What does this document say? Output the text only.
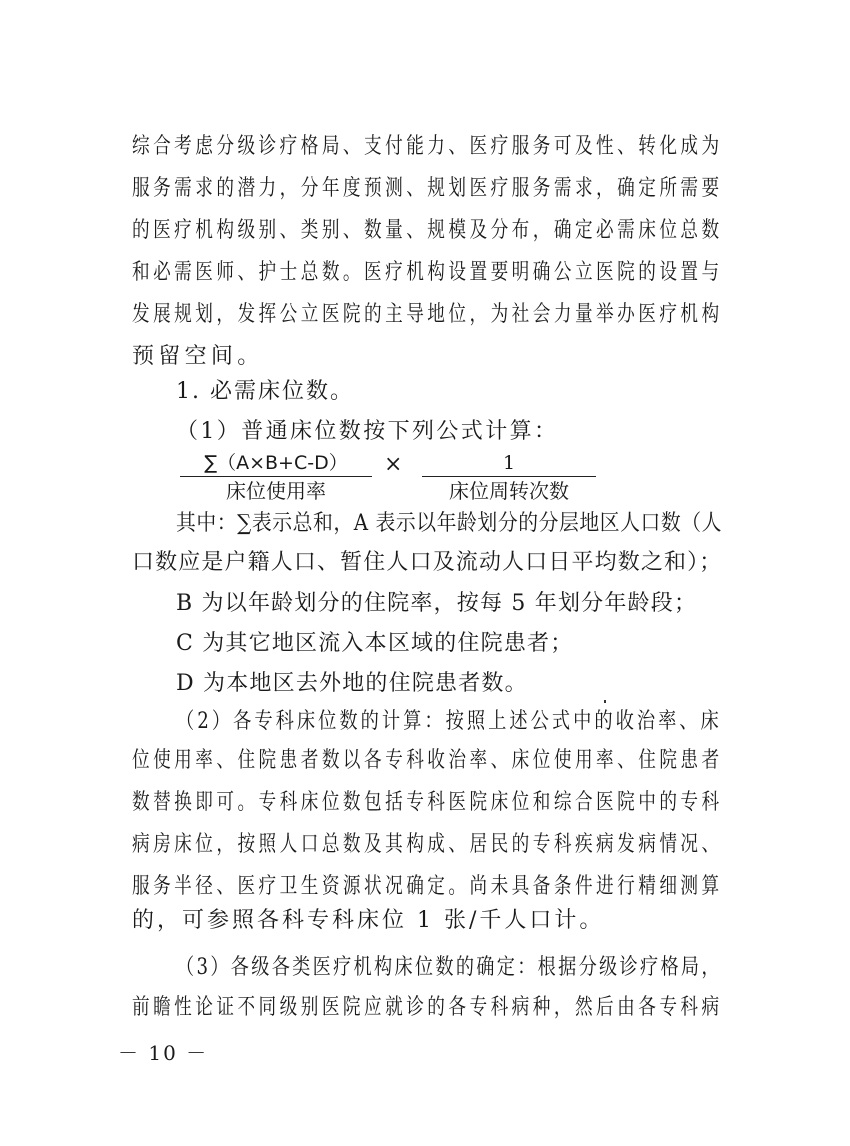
综合考虑分级诊疗格局、支付能力、医疗服务可及性、转化成为
服务需求的潜力，分年度预测、规划医疗服务需求，确定所需要
的医疗机构级别、类别、数量、规模及分布，确定必需床位总数
和必需医师、护士总数。医疗机构设置要明确公立医院的设置与
发展规划，发挥公立医院的主导地位，为社会力量举办医疗机构
预留空间。
1. 必需床位数。
（1）普通床位数按下列公式计算：
∑（A×B+C-D）
床位使用率
×	1
床位周转次数
其中：∑表示总和，A 表示以年龄划分的分层地区人口数（人
口数应是户籍人口、暂住人口及流动人口日平均数之和）；
B 为以年龄划分的住院率，按每 5 年划分年龄段；
C 为其它地区流入本区域的住院患者；
D 为本地区去外地的住院患者数。
（2）各专科床位数的计算：按照上述公式中的收治率、床
位使用率、住院患者数以各专科收治率、床位使用率、住院患者
数替换即可。专科床位数包括专科医院床位和综合医院中的专科
病房床位，按照人口总数及其构成、居民的专科疾病发病情况、
服务半径、医疗卫生资源状况确定。尚未具备条件进行精细测算
的，可参照各科专科床位 1 张/千人口计。
（3）各级各类医疗机构床位数的确定：根据分级诊疗格局，
前瞻性论证不同级别医院应就诊的各专科病种，然后由各专科病
－ 10 －
